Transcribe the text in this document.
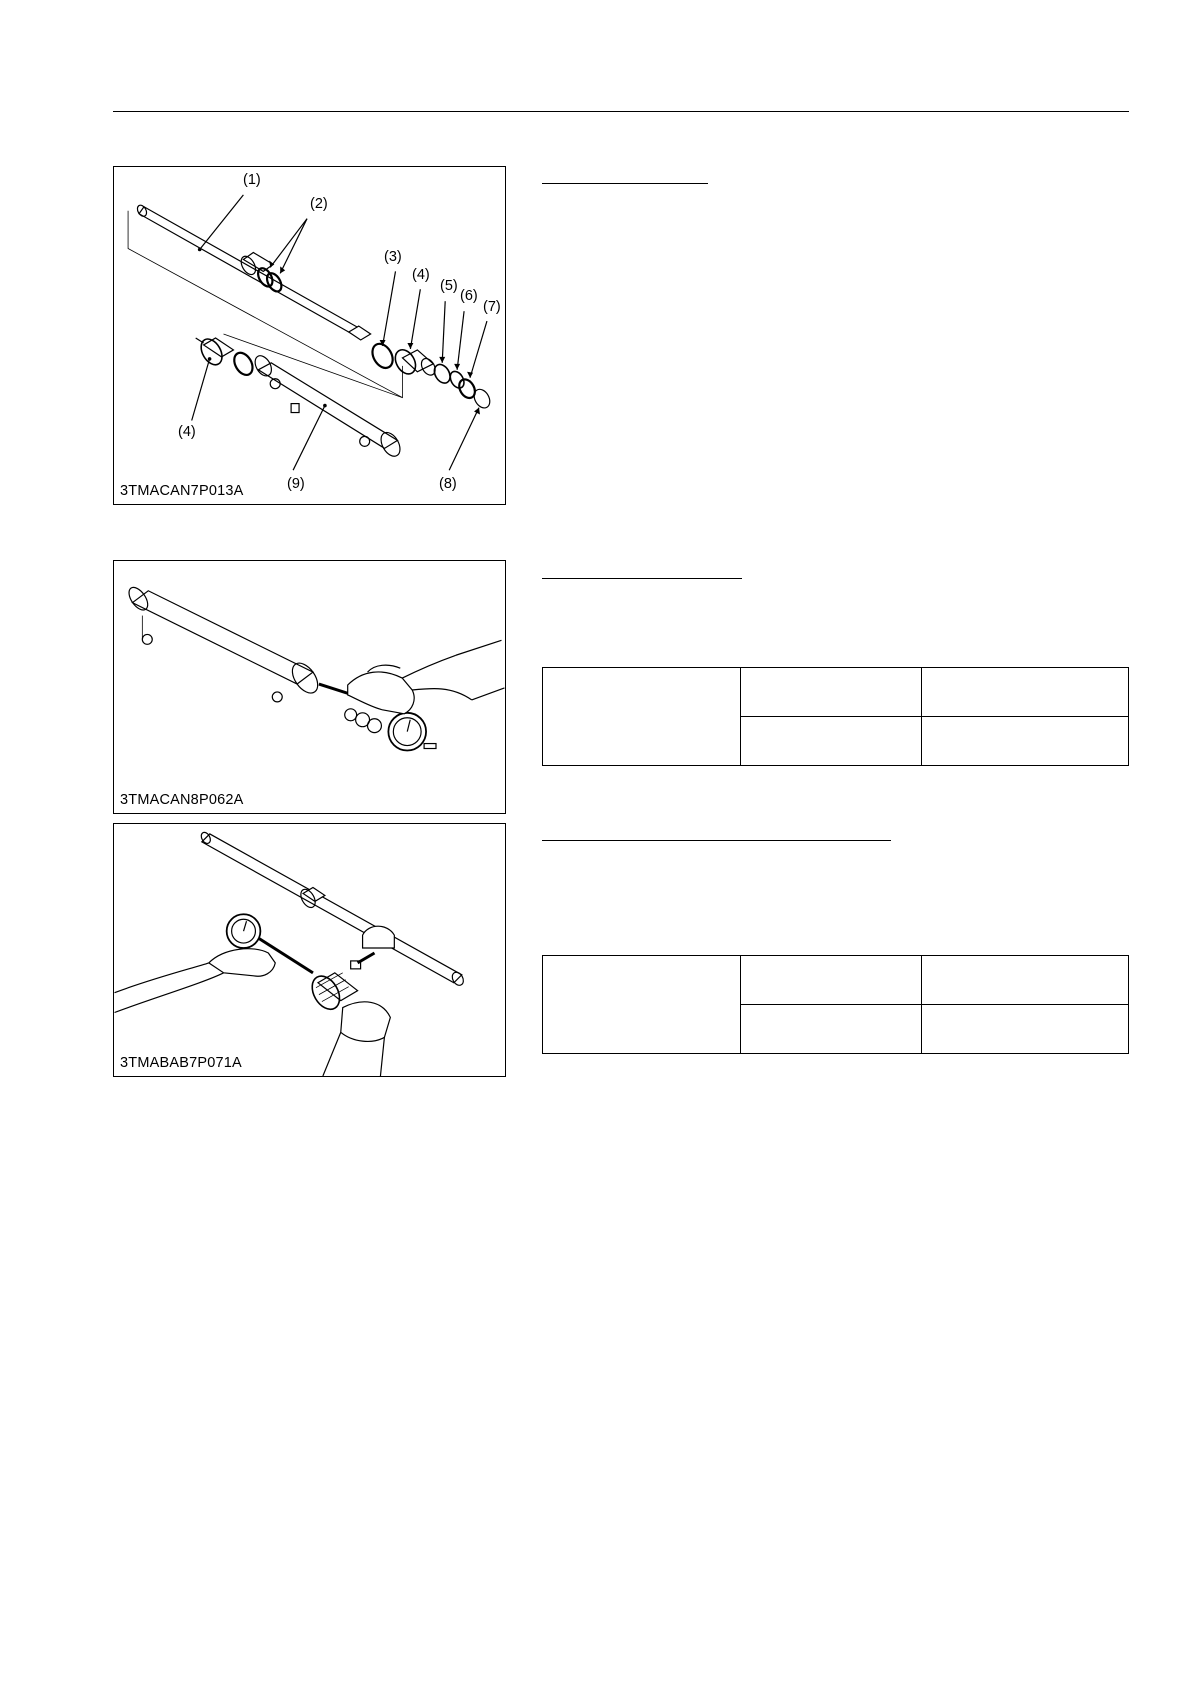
(1)
(2)
(3)
(4)
(5)
(6)
(7)
(4)
(9)	(8)
3TMACAN7P013A
3TMACAN8P062A
3TMABAB7P071A
